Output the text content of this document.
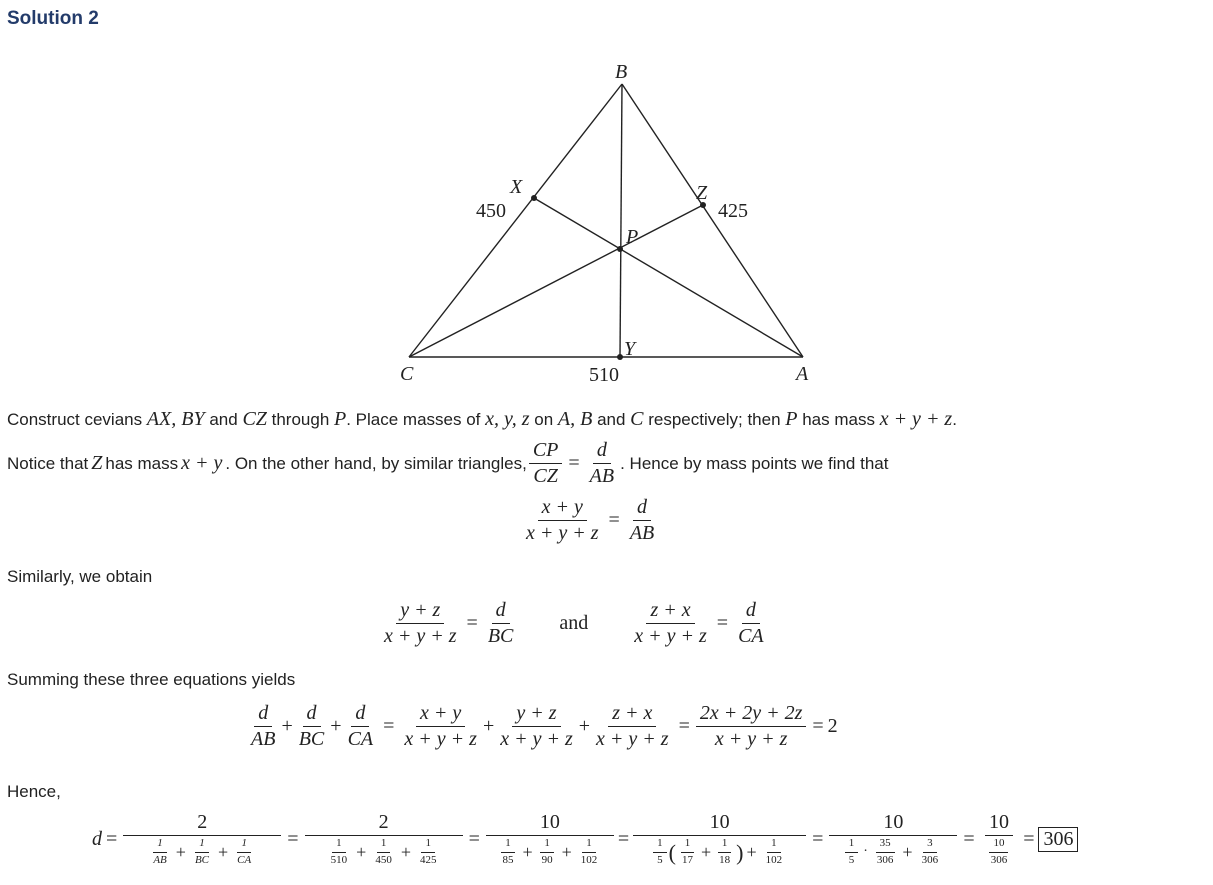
Solution 2
B
X	Z
P
Y
C	A
450	425
510
Construct cevians AX, BY and CZ through P. Place masses of x, y, z on A, B and C respectively; then P has mass x + y + z.
Notice that Z has mass x + y . On the other hand, by similar triangles, $\frac{CP}{CZ} = \frac{d}{AB}$ . Hence by mass points we find that
$\frac{x + y}{x + y + z} = \frac{d}{AB}$
Similarly, we obtain
$\frac{y + z}{x + y + z} = \frac{d}{BC}$ and $\frac{z + x}{x + y + z} = \frac{d}{CA}$
Summing these three equations yields
$\frac{d}{AB} + \frac{d}{BC} + \frac{d}{CA} = \frac{x + y}{x + y + z} + \frac{y + z}{x + y + z} + \frac{z + x}{x + y + z} = \frac{2x + 2y + 2z}{x + y + z} = 2$
Hence,
$d = \frac{2}{\frac{1}{AB} + \frac{1}{BC} + \frac{1}{CA}} = \frac{2}{\frac{1}{510} + \frac{1}{450} + \frac{1}{425}} = \frac{10}{\frac{1}{85} + \frac{1}{90} + \frac{1}{102}}$ =
10
$\frac{1}{5}$ ( $\frac{1}{17} + \frac{1}{18}$ ) + $\frac{1}{102} = \frac{10}{\frac{1}{5} \cdot \frac{35}{306} + \frac{3}{306}} = \frac{10}{\frac{10}{306}} = 306$
